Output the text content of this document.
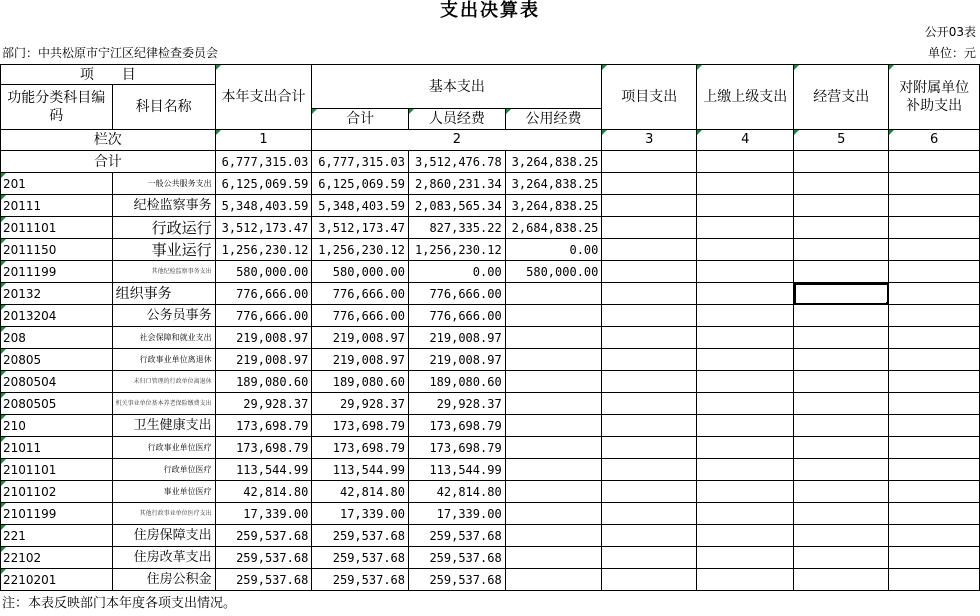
支出决算表
公开03表
部门：中共松原市宁江区纪律检查委员会	单位：元
项　　目		本年支出合计	基本支出			项目支出	上缴上级支出	经营支出	对附属单位补助支出
功能分类科目编码	科目名称								
			合计	人员经费	公用经费				
栏次		1	2			3	4	5	6
合计		6,777,315.03	6,777,315.03	3,512,476.78	3,264,838.25				
201	一般公共服务支出	6,125,069.59	6,125,069.59	2,860,231.34	3,264,838.25				
20111	纪检监察事务	5,348,403.59	5,348,403.59	2,083,565.34	3,264,838.25				
2011101	行政运行	3,512,173.47	3,512,173.47	827,335.22	2,684,838.25				
2011150	事业运行	1,256,230.12	1,256,230.12	1,256,230.12	0.00				
2011199	其他纪检监察事务支出	580,000.00	580,000.00	0.00	580,000.00				
20132	组织事务	776,666.00	776,666.00	776,666.00				

2013204	公务员事务	776,666.00	776,666.00	776,666.00					
208	社会保障和就业支出	219,008.97	219,008.97	219,008.97					
20805	行政事业单位离退休	219,008.97	219,008.97	219,008.97					
2080504	未归口管理的行政单位离退休	189,080.60	189,080.60	189,080.60					
2080505	机关事业单位基本养老保险缴费支出	29,928.37	29,928.37	29,928.37					
210	卫生健康支出	173,698.79	173,698.79	173,698.79					
21011	行政事业单位医疗	173,698.79	173,698.79	173,698.79					
2101101	行政单位医疗	113,544.99	113,544.99	113,544.99					
2101102	事业单位医疗	42,814.80	42,814.80	42,814.80					
2101199	其他行政事业单位医疗支出	17,339.00	17,339.00	17,339.00					
221	住房保障支出	259,537.68	259,537.68	259,537.68					
22102	住房改革支出	259,537.68	259,537.68	259,537.68					
2210201	住房公积金	259,537.68	259,537.68	259,537.68					
注：本表反映部门本年度各项支出情况。
